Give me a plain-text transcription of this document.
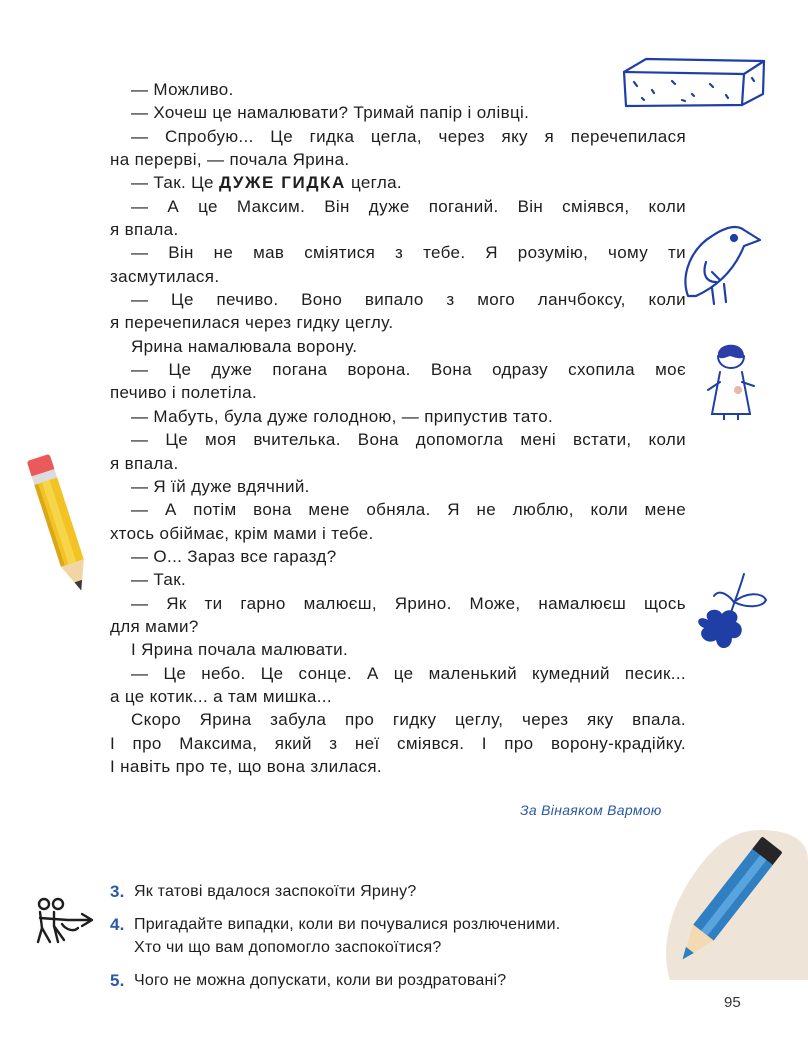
— Можливо.
— Хочеш це намалювати? Тримай папір і олівці.
— Спробую... Це гидка цегла, через яку я перечепилася
на перерві, — почала Ярина.
— Так. Це ДУЖЕ ГИДКА цегла.
— А це Максим. Він дуже поганий. Він сміявся, коли
я впала.
— Він не мав сміятися з тебе. Я розумію, чому ти
засмутилася.
— Це печиво. Воно випало з мого ланчбоксу, коли
я перечепилася через гидку цеглу.
Ярина намалювала ворону.
— Це дуже погана ворона. Вона одразу схопила моє
печиво і полетіла.
— Мабуть, була дуже голодною, — припустив тато.
— Це моя вчителька. Вона допомогла мені встати, коли
я впала.
— Я їй дуже вдячний.
— А потім вона мене обняла. Я не люблю, коли мене
хтось обіймає, крім мами і тебе.
— О... Зараз все гаразд?
— Так.
— Як ти гарно малюєш, Ярино. Може, намалюєш щось
для мами?
І Ярина почала малювати.
— Це небо. Це сонце. А це маленький кумедний песик...
а це котик... а там мишка...
Скоро Ярина забула про гидку цеглу, через яку впала.
І про Максима, який з неї сміявся. І про ворону-крадійку.
І навіть про те, що вона злилася.
За Вінаяком Вармою
3. Як татові вдалося заспокоїти Ярину?
4. Пригадайте випадки, коли ви почувалися розлюченими.
Хто чи що вам допомогло заспокоїтися?
5. Чого не можна допускати, коли ви роздратовані?
95
